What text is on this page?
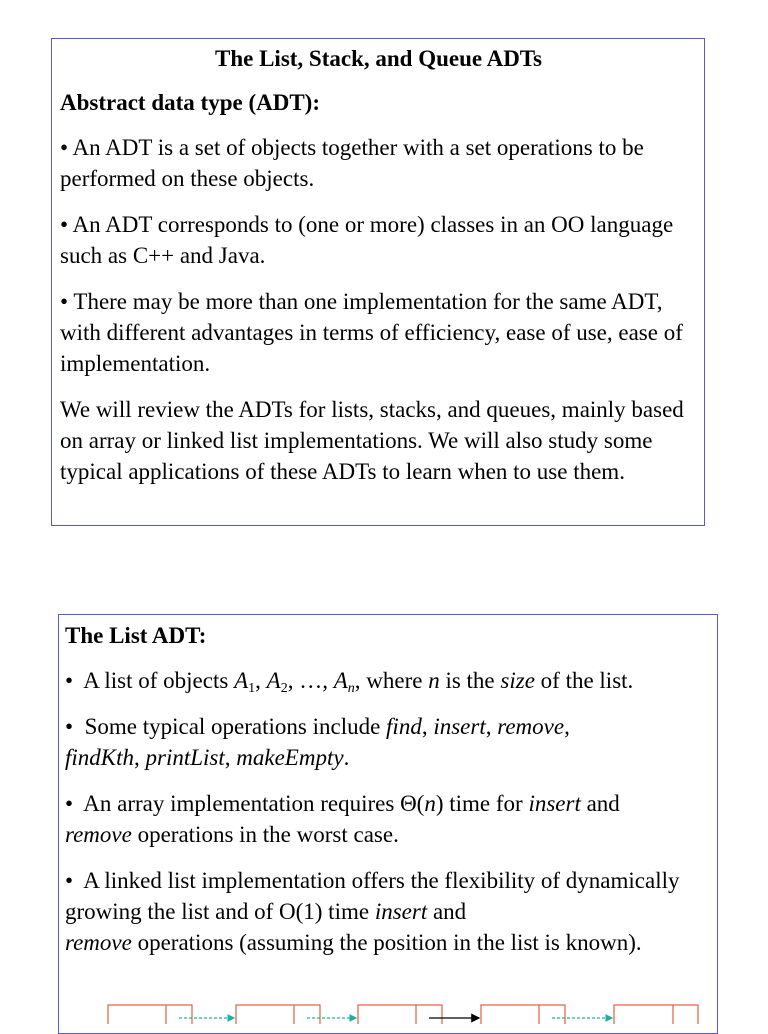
The List, Stack, and Queue ADTs
Abstract data type (ADT):

• An ADT is a set of objects together with a set operations to be performed on these objects.

• An ADT corresponds to (one or more) classes in an OO language such as C++ and Java.

• There may be more than one implementation for the same ADT, with different advantages in terms of efficiency, ease of use, ease of implementation.

We will review the ADTs for lists, stacks, and queues, mainly based on array or linked list implementations. We will also study some typical applications of these ADTs to learn when to use them.

The List ADT:

•  A list of objects $A_1$, $A_2$, …, $A_n$, where n is the size of the list.

•  Some typical operations include find, insert, remove,
findKth, printList, makeEmpty.

•  An array implementation requires Θ(n) time for insert and
remove operations in the worst case.

•  A linked list implementation offers the flexibility of dynamically growing the list and of O(1) time insert and
remove operations (assuming the position in the list is known).
